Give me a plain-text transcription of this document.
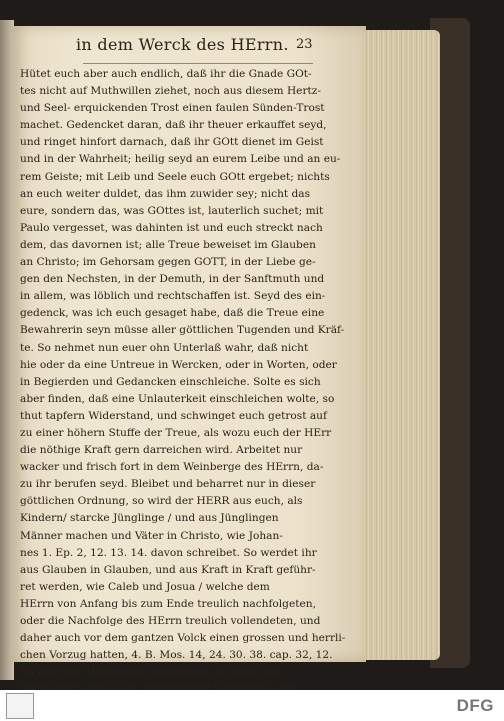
in dem Werck des HErrn. 23
Hütet euch aber auch endlich, daß ihr die Gnade GOt-
tes nicht auf Muthwillen ziehet, noch aus diesem Hertz-
und Seel- erquickenden Trost einen faulen Sünden-Trost
machet. Gedencket daran, daß ihr theuer erkauffet seyd,
und ringet hinfort darnach, daß ihr GOtt dienet im Geist
und in der Wahrheit; heilig seyd an eurem Leibe und an eu-
rem Geiste; mit Leib und Seele euch GOtt ergebet; nichts
an euch weiter duldet, das ihm zuwider sey; nicht das
eure, sondern das, was GOttes ist, lauterlich suchet; mit
Paulo vergesset, was dahinten ist und euch streckt nach
dem, das davornen ist; alle Treue beweiset im Glauben
an Christo; im Gehorsam gegen GOTT, in der Liebe ge-
gen den Nechsten, in der Demuth, in der Sanftmuth und
in allem, was löblich und rechtschaffen ist. Seyd des ein-
gedenck, was ich euch gesaget habe, daß die Treue eine
Bewahrerin seyn müsse aller göttlichen Tugenden und Kräf-
te. So nehmet nun euer ohn Unterlaß wahr, daß nicht
hie oder da eine Untreue in Wercken, oder in Worten, oder
in Begierden und Gedancken einschleiche. Solte es sich
aber finden, daß eine Unlauterkeit einschleichen wolte, so
thut tapfern Widerstand, und schwinget euch getrost auf
zu einer höhern Stuffe der Treue, als wozu euch der HErr
die nöthige Kraft gern darreichen wird. Arbeitet nur
wacker und frisch fort in dem Weinberge des HErrn, da-
zu ihr berufen seyd. Bleibet und beharret nur in dieser
göttlichen Ordnung, so wird der HERR aus euch, als
Kindern/ starcke Jünglinge / und aus Jünglingen
Männer machen und Väter in Christo, wie Johan-
nes 1. Ep. 2, 12. 13. 14. davon schreibet. So werdet ihr
aus Glauben in Glauben, und aus Kraft in Kraft geführ-
ret werden, wie Caleb und Josua / welche dem
HErrn von Anfang bis zum Ende treulich nachfolgeten,
oder die Nachfolge des HErrn treulich vollendeten, und
daher auch vor dem gantzen Volck einen grossen und herrli-
chen Vorzug hatten, 4. B. Mos. 14, 24. 30. 38. cap. 32, 12.
So wird der HERR euer inwendiges je mehr und
DFG
